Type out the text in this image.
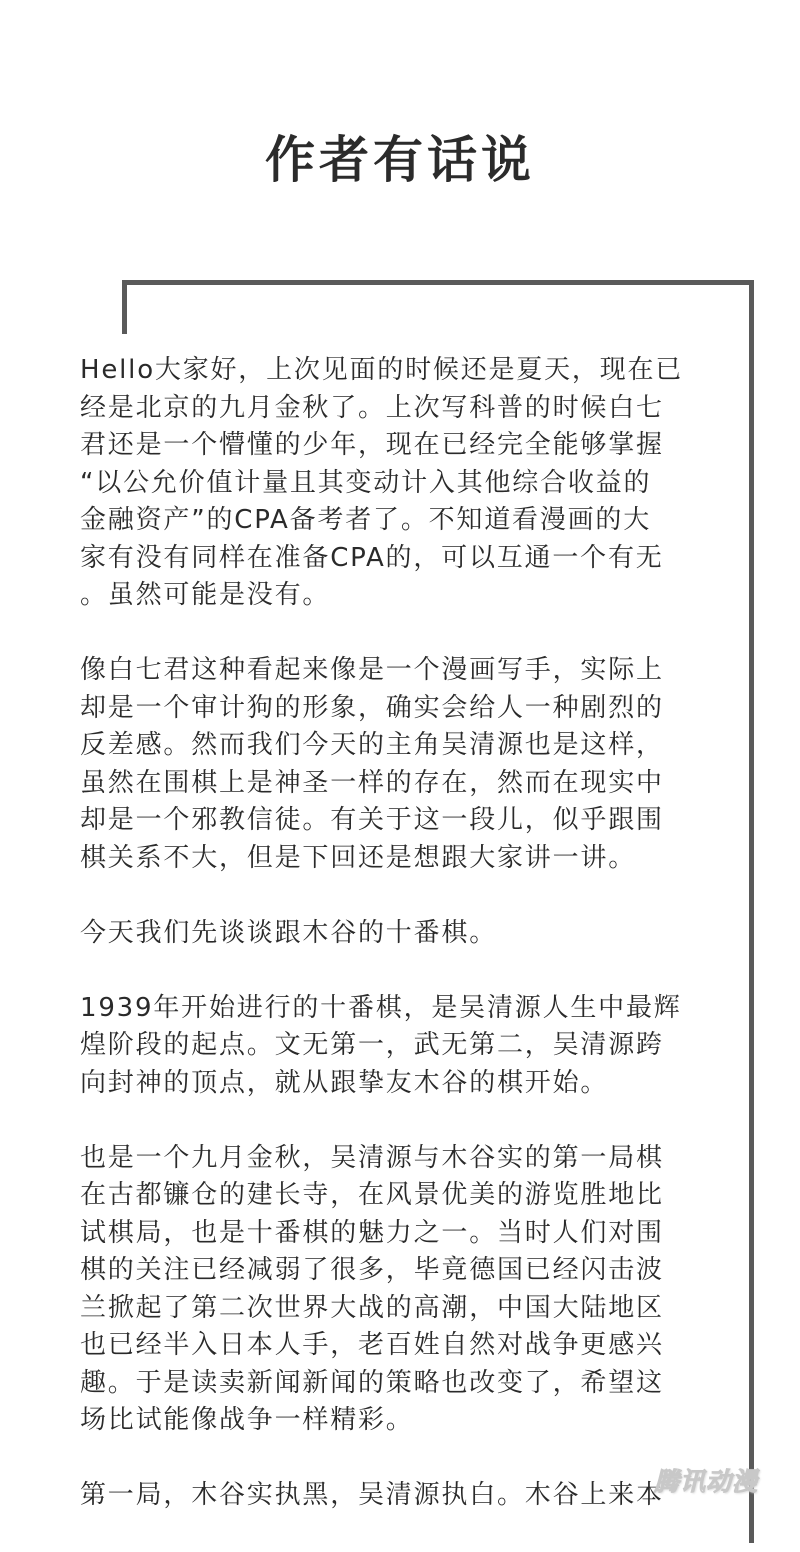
作者有话说

Hello大家好，上次见面的时候还是夏天，现在已
经是北京的九月金秋了。上次写科普的时候白七
君还是一个懵懂的少年，现在已经完全能够掌握
“以公允价值计量且其变动计入其他综合收益的
金融资产”的CPA备考者了。不知道看漫画的大
家有没有同样在准备CPA的，可以互通一个有无
。虽然可能是没有。

像白七君这种看起来像是一个漫画写手，实际上
却是一个审计狗的形象，确实会给人一种剧烈的
反差感。然而我们今天的主角吴清源也是这样，
虽然在围棋上是神圣一样的存在，然而在现实中
却是一个邪教信徒。有关于这一段儿，似乎跟围
棋关系不大，但是下回还是想跟大家讲一讲。

今天我们先谈谈跟木谷的十番棋。

1939年开始进行的十番棋，是吴清源人生中最辉
煌阶段的起点。文无第一，武无第二，吴清源跨
向封神的顶点，就从跟挚友木谷的棋开始。

也是一个九月金秋，吴清源与木谷实的第一局棋
在古都镰仓的建长寺，在风景优美的游览胜地比
试棋局，也是十番棋的魅力之一。当时人们对围
棋的关注已经减弱了很多，毕竟德国已经闪击波
兰掀起了第二次世界大战的高潮，中国大陆地区
也已经半入日本人手，老百姓自然对战争更感兴
趣。于是读卖新闻新闻的策略也改变了，希望这
场比试能像战争一样精彩。

第一局，木谷实执黑，吴清源执白。木谷上来本

腾讯动漫
